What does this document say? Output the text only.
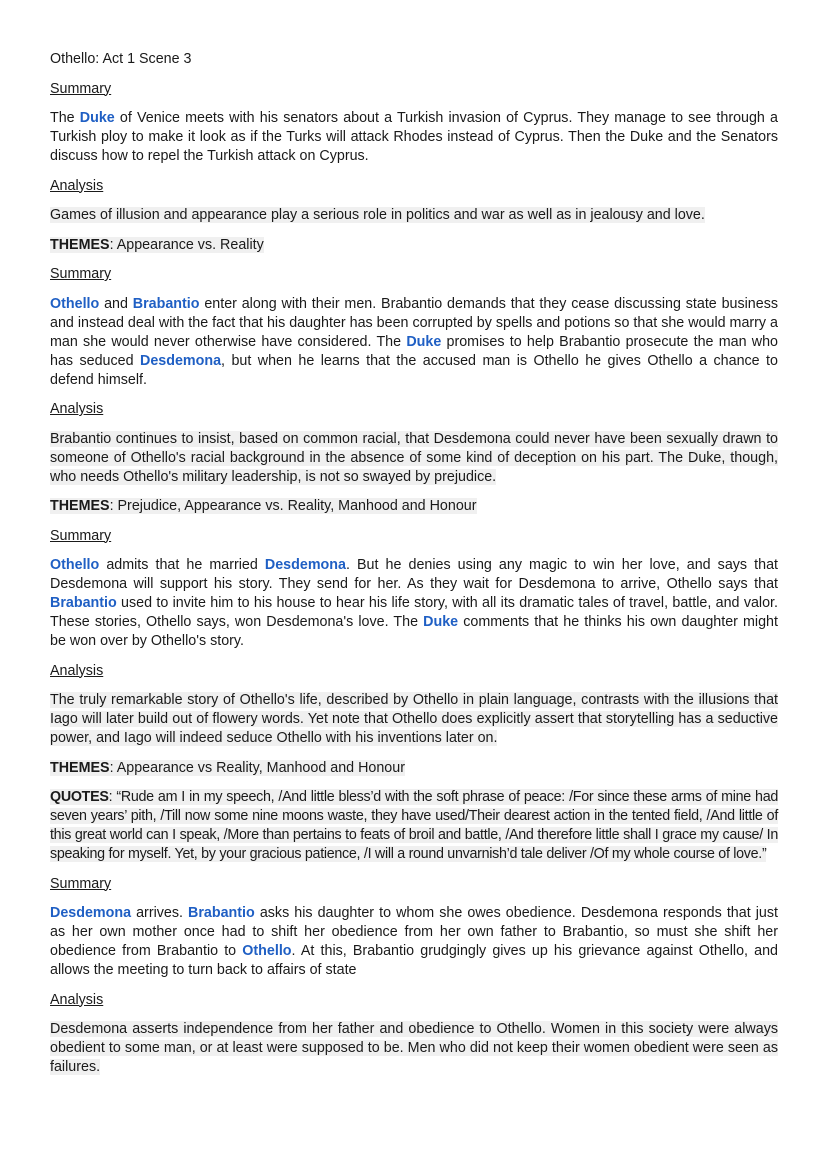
Othello: Act 1 Scene 3

Summary

The Duke of Venice meets with his senators about a Turkish invasion of Cyprus. They manage to see through a Turkish ploy to make it look as if the Turks will attack Rhodes instead of Cyprus. Then the Duke and the Senators discuss how to repel the Turkish attack on Cyprus.

Analysis

Games of illusion and appearance play a serious role in politics and war as well as in jealousy and love.

THEMES: Appearance vs. Reality

Summary

Othello and Brabantio enter along with their men. Brabantio demands that they cease discussing state business and instead deal with the fact that his daughter has been corrupted by spells and potions so that she would marry a man she would never otherwise have considered. The Duke promises to help Brabantio prosecute the man who has seduced Desdemona, but when he learns that the accused man is Othello he gives Othello a chance to defend himself.

Analysis

Brabantio continues to insist, based on common racial, that Desdemona could never have been sexually drawn to someone of Othello's racial background in the absence of some kind of deception on his part. The Duke, though, who needs Othello's military leadership, is not so swayed by prejudice.

THEMES: Prejudice, Appearance vs. Reality, Manhood and Honour

Summary

Othello admits that he married Desdemona. But he denies using any magic to win her love, and says that Desdemona will support his story. They send for her. As they wait for Desdemona to arrive, Othello says that Brabantio used to invite him to his house to hear his life story, with all its dramatic tales of travel, battle, and valor. These stories, Othello says, won Desdemona's love. The Duke comments that he thinks his own daughter might be won over by Othello's story.

Analysis

The truly remarkable story of Othello's life, described by Othello in plain language, contrasts with the illusions that Iago will later build out of flowery words. Yet note that Othello does explicitly assert that storytelling has a seductive power, and Iago will indeed seduce Othello with his inventions later on.

THEMES: Appearance vs Reality, Manhood and Honour

QUOTES: “Rude am I in my speech, /And little bless’d with the soft phrase of peace: /For since these arms of mine had seven years’ pith, /Till now some nine moons waste, they have used/Their dearest action in the tented field, /And little of this great world can I speak, /More than pertains to feats of broil and battle, /And therefore little shall I grace my cause/ In speaking for myself. Yet, by your gracious patience, /I will a round unvarnish’d tale deliver /Of my whole course of love.”

Summary

Desdemona arrives. Brabantio asks his daughter to whom she owes obedience. Desdemona responds that just as her own mother once had to shift her obedience from her own father to Brabantio, so must she shift her obedience from Brabantio to Othello. At this, Brabantio grudgingly gives up his grievance against Othello, and allows the meeting to turn back to affairs of state

Analysis

Desdemona asserts independence from her father and obedience to Othello. Women in this society were always obedient to some man, or at least were supposed to be. Men who did not keep their women obedient were seen as failures.
